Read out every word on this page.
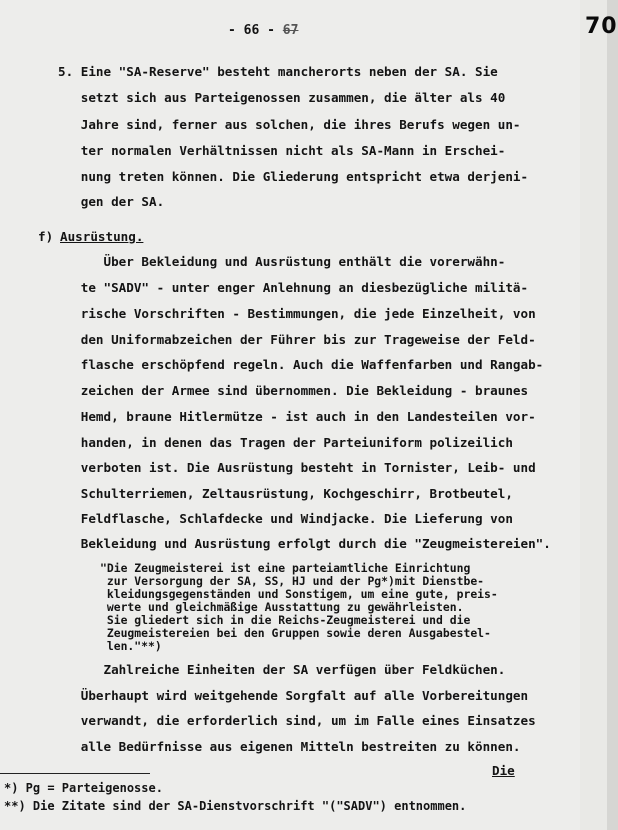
70
- 66 - 67
5. Eine "SA-Reserve" besteht mancherorts neben der SA. Sie
setzt sich aus Parteigenossen zusammen, die älter als 40
Jahre sind, ferner aus solchen, die ihres Berufs wegen un-
ter normalen Verhältnissen nicht als SA-Mann in Erschei-
nung treten können. Die Gliederung entspricht etwa derjeni-
gen der SA.
f) Ausrüstung.
Über Bekleidung und Ausrüstung enthält die vorerwähn-
te "SADV" - unter enger Anlehnung an diesbezügliche militä-
rische Vorschriften - Bestimmungen, die jede Einzelheit, von
den Uniformabzeichen der Führer bis zur Trageweise der Feld-
flasche erschöpfend regeln. Auch die Waffenfarben und Rangab-
zeichen der Armee sind übernommen. Die Bekleidung - braunes
Hemd, braune Hitlermütze - ist auch in den Landesteilen vor-
handen, in denen das Tragen der Parteiuniform polizeilich
verboten ist. Die Ausrüstung besteht in Tornister, Leib- und
Schulterriemen, Zeltausrüstung, Kochgeschirr, Brotbeutel,
Feldflasche, Schlafdecke und Windjacke. Die Lieferung von
Bekleidung und Ausrüstung erfolgt durch die "Zeugmeistereien".
"Die Zeugmeisterei ist eine parteiamtliche Einrichtung
zur Versorgung der SA, SS, HJ und der Pg*)mit Dienstbe-
kleidungsgegenständen und Sonstigem, um eine gute, preis-
werte und gleichmäßige Ausstattung zu gewährleisten.
Sie gliedert sich in die Reichs-Zeugmeisterei und die
Zeugmeistereien bei den Gruppen sowie deren Ausgabestel-
len."**)
Zahlreiche Einheiten der SA verfügen über Feldküchen.
Überhaupt wird weitgehende Sorgfalt auf alle Vorbereitungen
verwandt, die erforderlich sind, um im Falle eines Einsatzes
alle Bedürfnisse aus eigenen Mitteln bestreiten zu können.
Die
*) Pg = Parteigenosse.
**) Die Zitate sind der SA-Dienstvorschrift "("SADV") entnommen.
